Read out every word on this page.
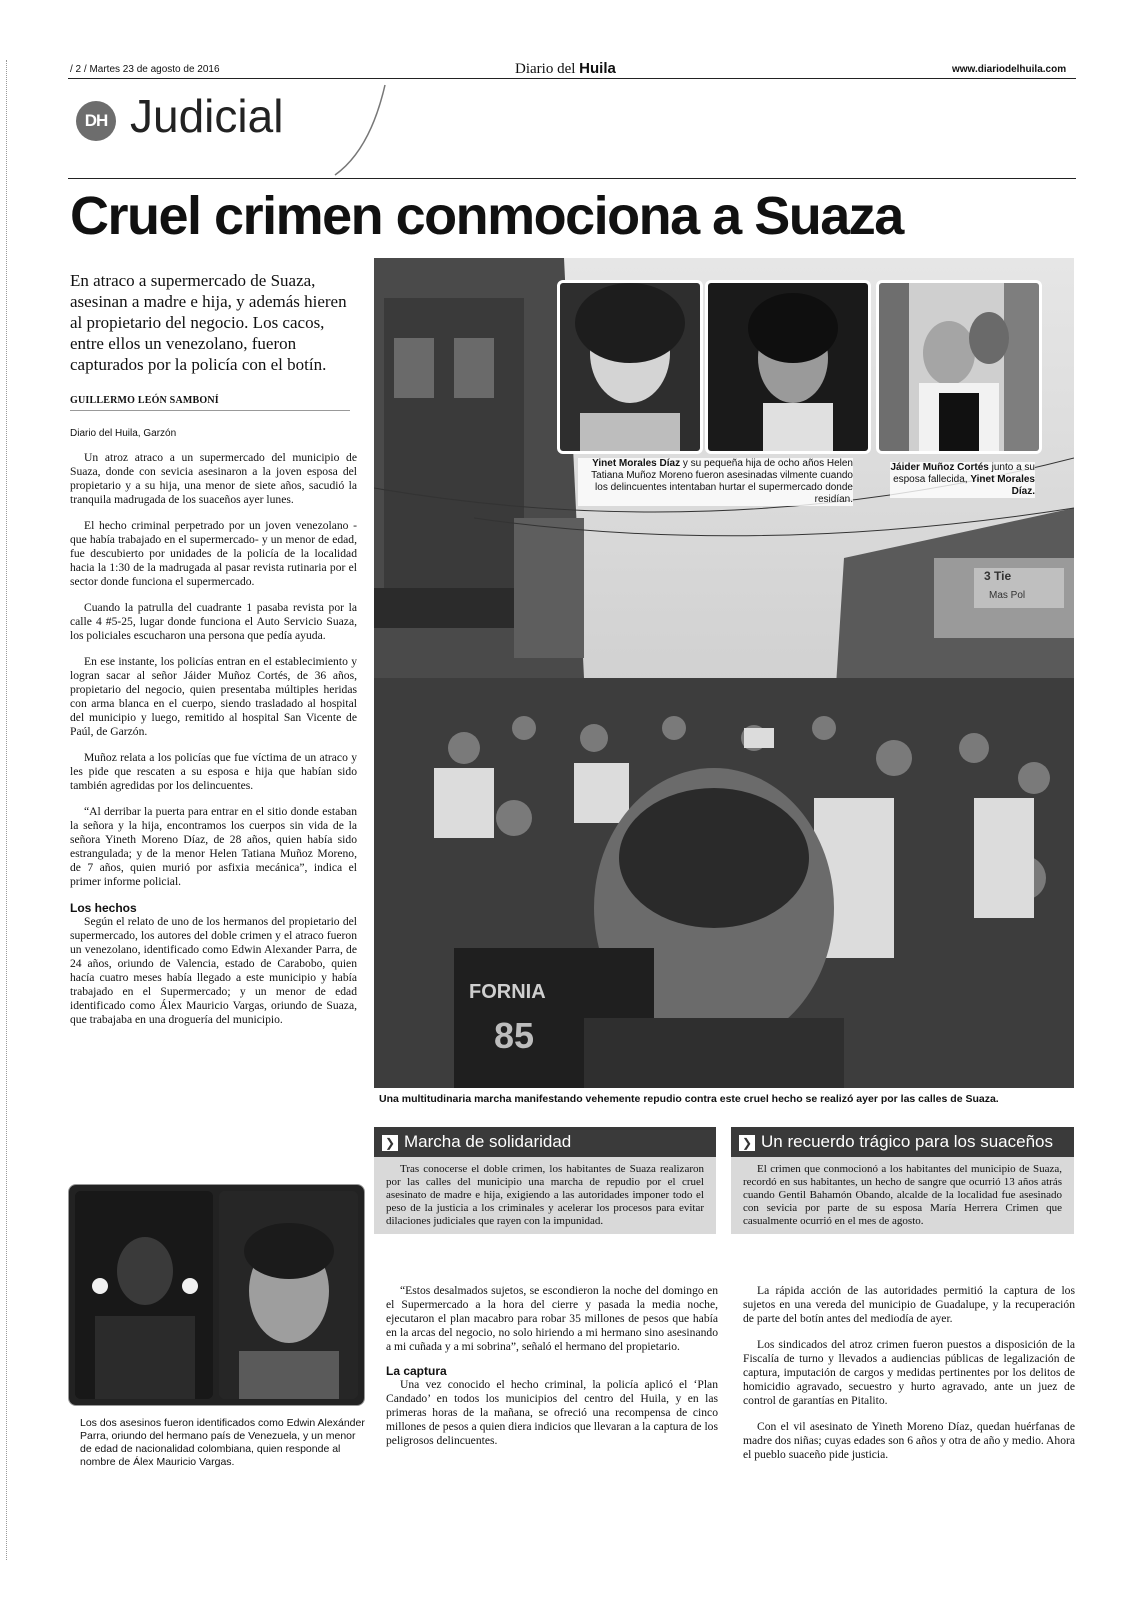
/ 2 / Martes 23 de agosto de 2016	Diario del Huila	www.diariodelhuila.com
DH Judicial
Cruel crimen conmociona a Suaza
En atraco a supermercado de Suaza, asesinan a madre e hija, y además hieren al propietario del negocio. Los cacos, entre ellos un venezolano, fueron capturados por la policía con el botín.
GUILLERMO LEÓN SAMBONÍ
Diario del Huila, Garzón

Un atroz atraco a un supermercado del municipio de Suaza, donde con sevicia asesinaron a la joven esposa del propietario y a su hija, una menor de siete años, sacudió la tranquila madrugada de los suaceños ayer lunes.

El hecho criminal perpetrado por un joven venezolano -que había trabajado en el supermercado- y un menor de edad, fue descubierto por unidades de la policía de la localidad hacia la 1:30 de la madrugada al pasar revista rutinaria por el sector donde funciona el supermercado.

Cuando la patrulla del cuadrante 1 pasaba revista por la calle 4 #5-25, lugar donde funciona el Auto Servicio Suaza, los policiales escucharon una persona que pedía ayuda.

En ese instante, los policías entran en el establecimiento y logran sacar al señor Jáider Muñoz Cortés, de 36 años, propietario del negocio, quien presentaba múltiples heridas con arma blanca en el cuerpo, siendo trasladado al hospital del municipio y luego, remitido al hospital San Vicente de Paúl, de Garzón.

Muñoz relata a los policías que fue víctima de un atraco y les pide que rescaten a su esposa e hija que habían sido también agredidas por los delincuentes.

“Al derribar la puerta para entrar en el sitio donde estaban la señora y la hija, encontramos los cuerpos sin vida de la señora Yineth Moreno Díaz, de 28 años, quien había sido estrangulada; y de la menor Helen Tatiana Muñoz Moreno, de 7 años, quien murió por asfixia mecánica”, indica el primer informe policial.

Los hechos

Según el relato de uno de los hermanos del propietario del supermercado, los autores del doble crimen y el atraco fueron un venezolano, identificado como Edwin Alexander Parra, de 24 años, oriundo de Valencia, estado de Carabobo, quien hacía cuatro meses había llegado a este municipio y había trabajado en el Supermercado; y un menor de edad identificado como Álex Mauricio Vargas, oriundo de Suaza, que trabajaba en una droguería del municipio.

FORNIA
85
3 Tie
Mas Pol
Yinet Morales Díaz y su pequeña hija de ocho años Helen Tatiana Muñoz Moreno fueron asesinadas vilmente cuando los delincuentes intentaban hurtar el supermercado donde residían.
Jáider Muñoz Cortés junto a su esposa fallecida, Yinet Morales Díaz.
Una multitudinaria marcha manifestando vehemente repudio contra este cruel hecho se realizó ayer por las calles de Suaza.
❯ Marcha de solidaridad
Tras conocerse el doble crimen, los habitantes de Suaza realizaron por las calles del municipio una marcha de repudio por el cruel asesinato de madre e hija, exigiendo a las autoridades imponer todo el peso de la justicia a los criminales y acelerar los procesos para evitar dilaciones judiciales que rayen con la impunidad.
❯ Un recuerdo trágico para los suaceños
El crimen que conmocionó a los habitantes del municipio de Suaza, recordó en sus habitantes, un hecho de sangre que ocurrió 13 años atrás cuando Gentil Bahamón Obando, alcalde de la localidad fue asesinado con sevicia por parte de su esposa María Herrera Crimen que casualmente ocurrió en el mes de agosto.

“Estos desalmados sujetos, se escondieron la noche del domingo en el Supermercado a la hora del cierre y pasada la media noche, ejecutaron el plan macabro para robar 35 millones de pesos que había en la arcas del negocio, no solo hiriendo a mi hermano sino asesinando a mi cuñada y a mi sobrina”, señaló el hermano del propietario.

La captura

Una vez conocido el hecho criminal, la policía aplicó el ‘Plan Candado’ en todos los municipios del centro del Huila, y en las primeras horas de la mañana, se ofreció una recompensa de cinco millones de pesos a quien diera indicios que llevaran a la captura de los peligrosos delincuentes.

La rápida acción de las autoridades permitió la captura de los sujetos en una vereda del municipio de Guadalupe, y la recuperación de parte del botín antes del mediodía de ayer.

Los sindicados del atroz crimen fueron puestos a disposición de la Fiscalía de turno y llevados a audiencias públicas de legalización de captura, imputación de cargos y medidas pertinentes por los delitos de homicidio agravado, secuestro y hurto agravado, ante un juez de control de garantías en Pitalito.

Con el vil asesinato de Yineth Moreno Díaz, quedan huérfanas de madre dos niñas; cuyas edades son 6 años y otra de año y medio. Ahora el pueblo suaceño pide justicia.

Los dos asesinos fueron identificados como Edwin Alexánder Parra, oriundo del hermano país de Venezuela, y un menor de edad de nacionalidad colombiana, quien responde al nombre de Álex Mauricio Vargas.
